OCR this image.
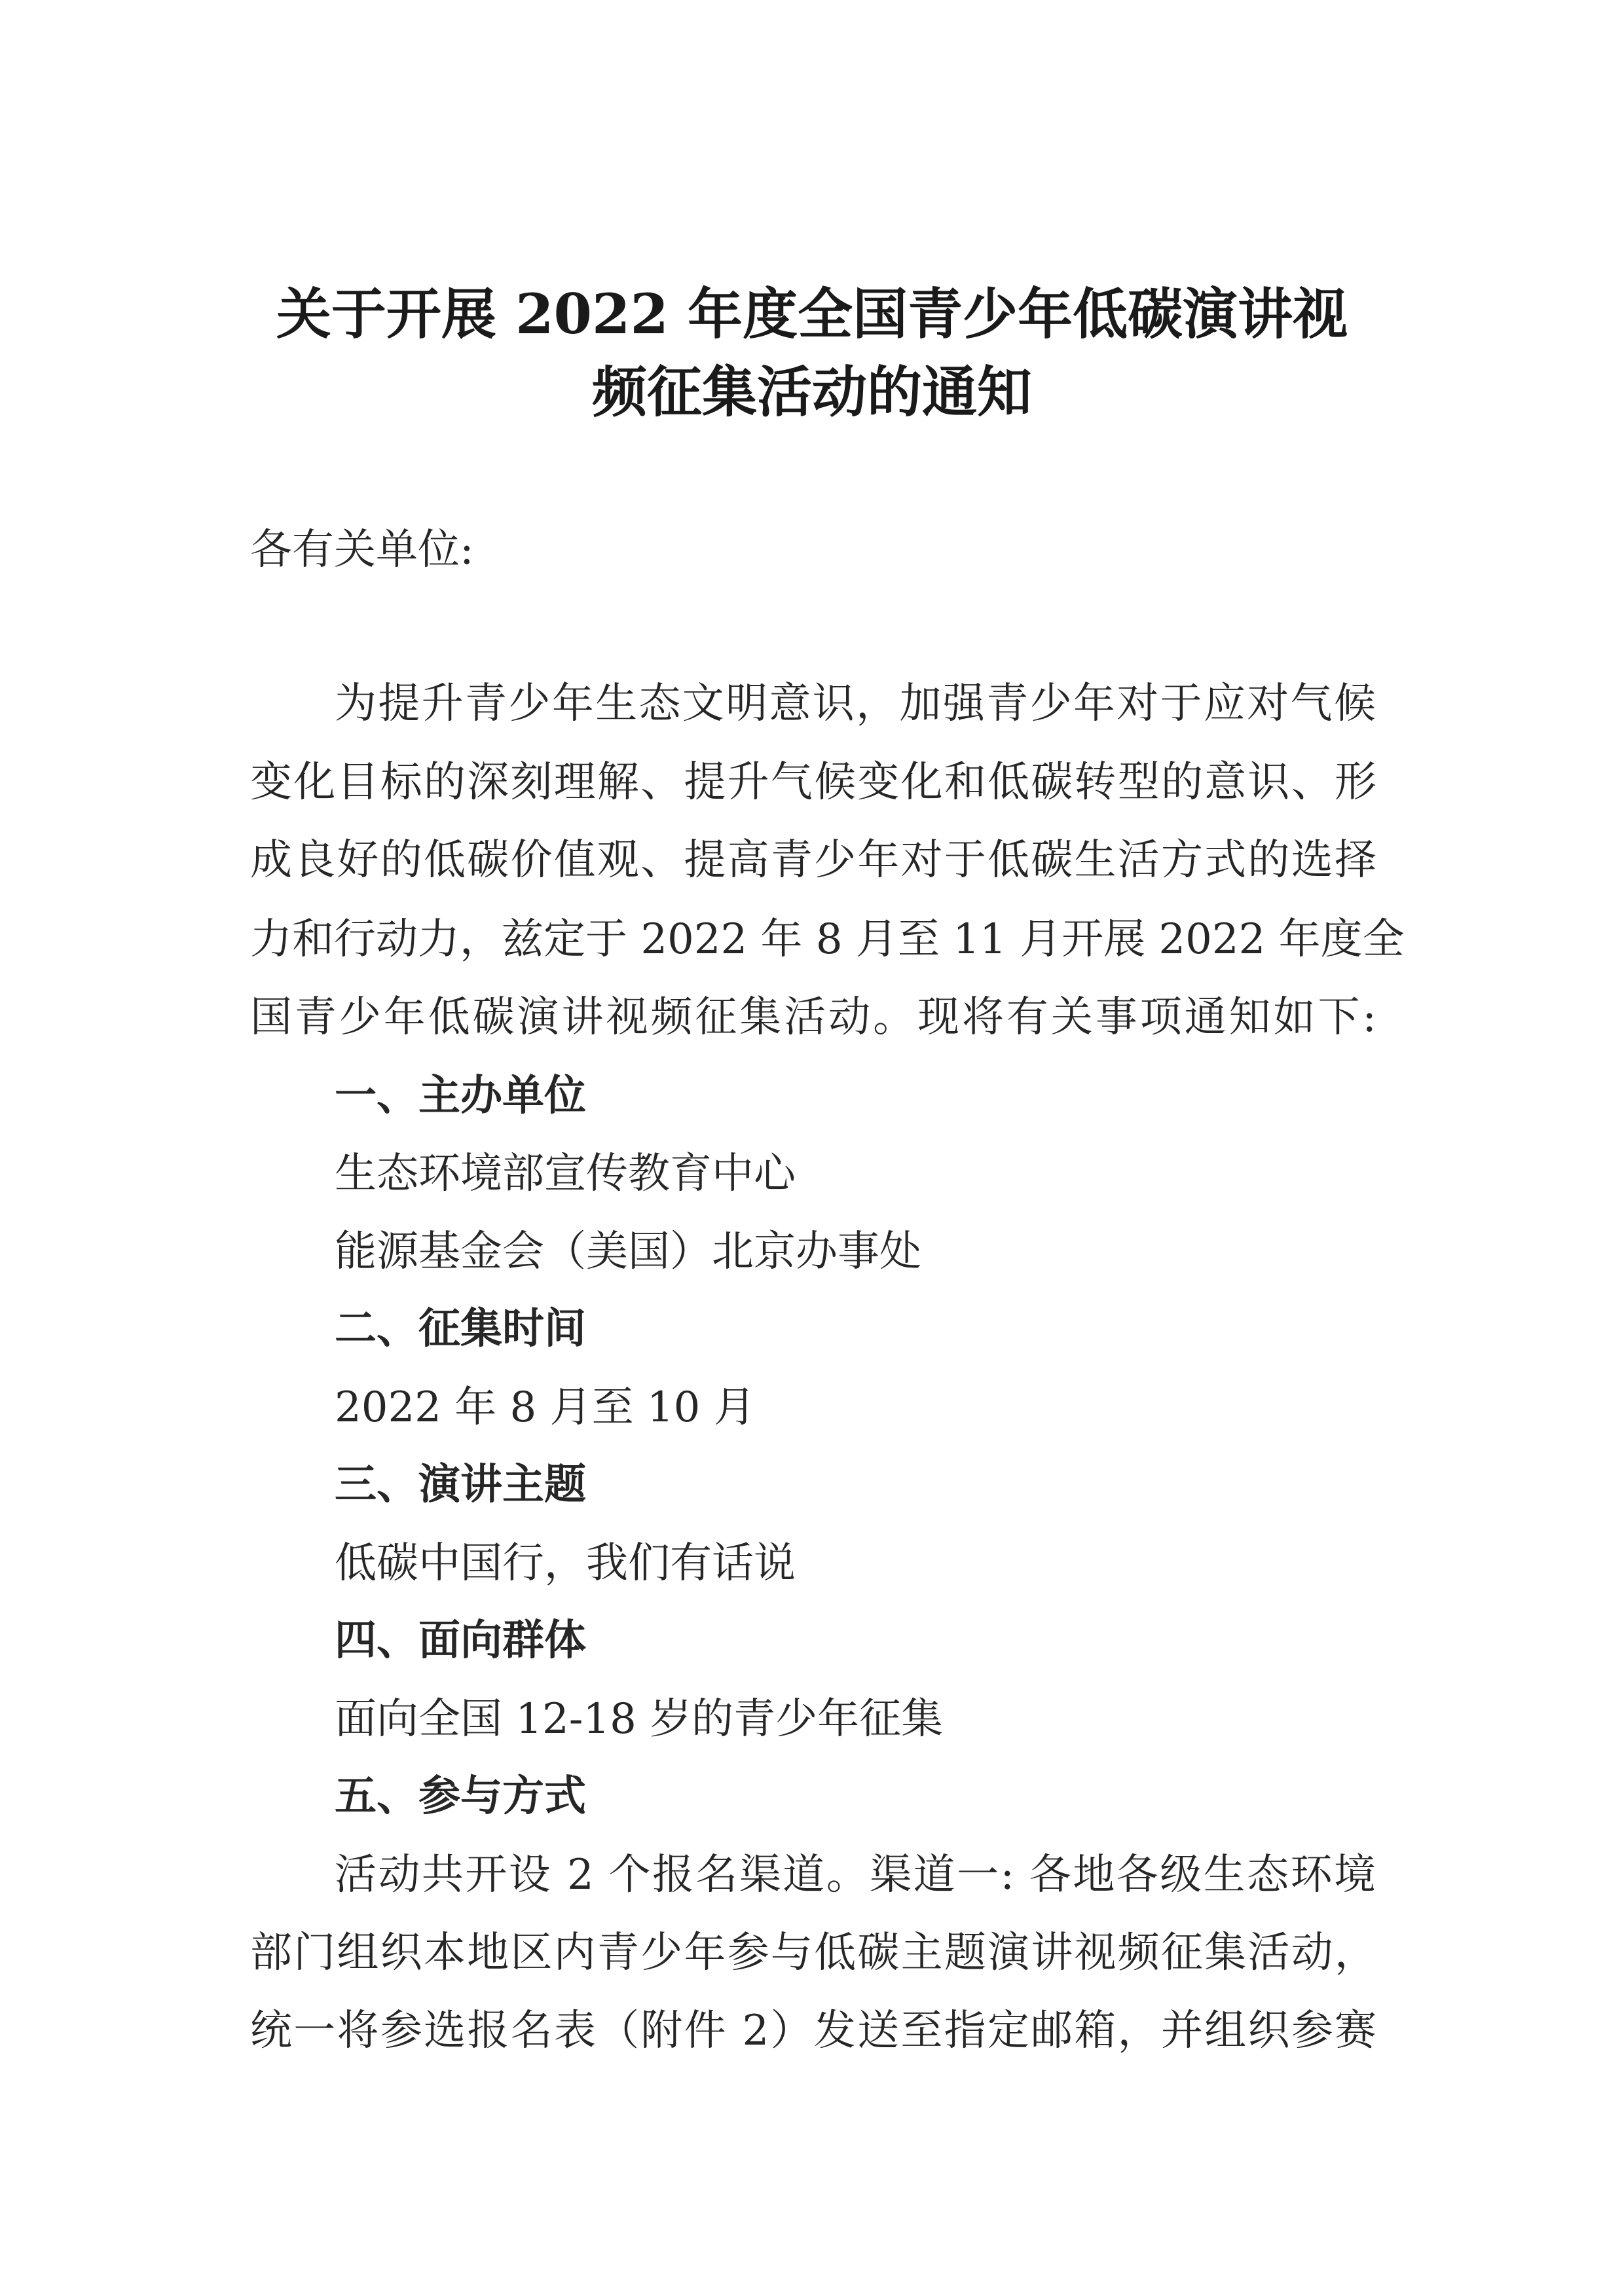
关于开展 2022 年度全国青少年低碳演讲视
频征集活动的通知
各有关单位:
为提升青少年生态文明意识，加强青少年对于应对气候
变化目标的深刻理解、提升气候变化和低碳转型的意识、形
成良好的低碳价值观、提高青少年对于低碳生活方式的选择
力和行动力，兹定于 2022 年 8 月至 11 月开展 2022 年度全
国青少年低碳演讲视频征集活动。现将有关事项通知如下:
一、主办单位
生态环境部宣传教育中心
能源基金会（美国）北京办事处
二、征集时间
2022 年 8 月至 10 月
三、演讲主题
低碳中国行，我们有话说
四、面向群体
面向全国 12-18 岁的青少年征集
五、参与方式
活动共开设 2 个报名渠道。渠道一: 各地各级生态环境
部门组织本地区内青少年参与低碳主题演讲视频征集活动，
统一将参选报名表（附件 2）发送至指定邮箱，并组织参赛
